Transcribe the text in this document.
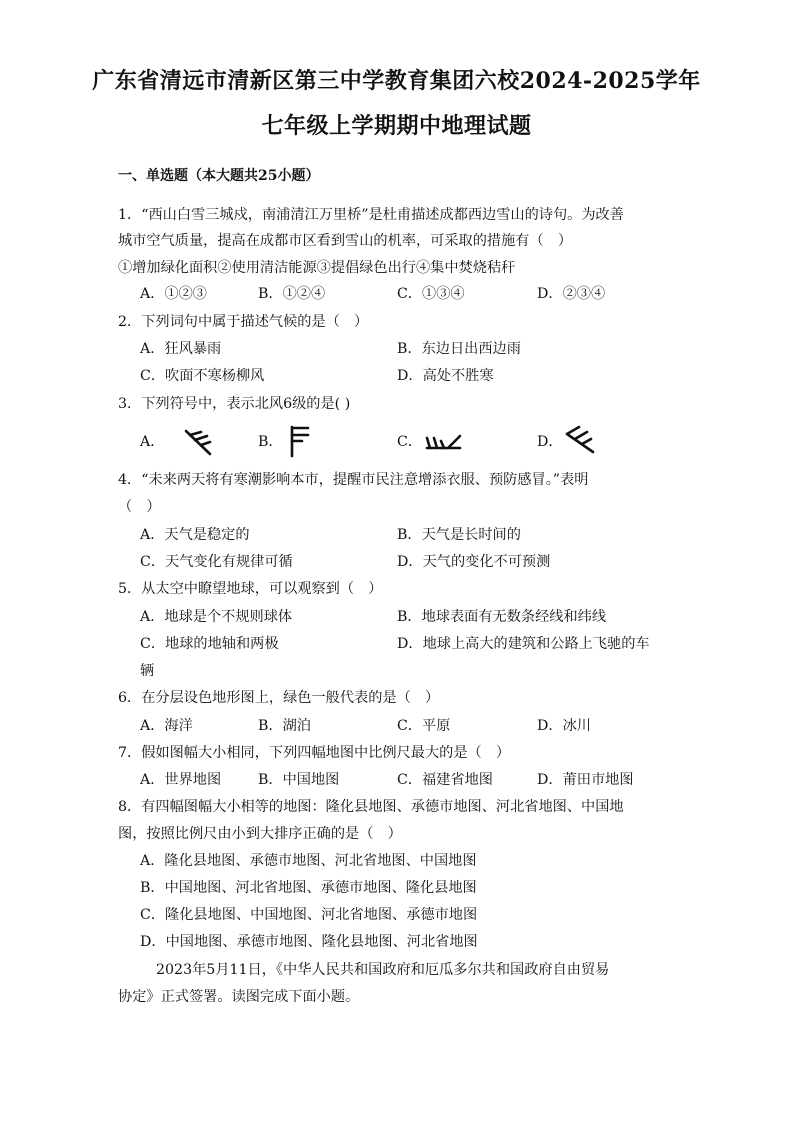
广东省清远市清新区第三中学教育集团六校2024-2025学年
七年级上学期期中地理试题
一、单选题（本大题共25小题）
1．“西山白雪三城戍，南浦清江万里桥”是杜甫描述成都西边雪山的诗句。为改善
城市空气质量，提高在成都市区看到雪山的机率，可采取的措施有（　）
①增加绿化面积②使用清洁能源③提倡绿色出行④集中焚烧秸秆
A．①②③	B．①②④	C．①③④	D．②③④
2．下列词句中属于描述气候的是（　）
A．狂风暴雨	B．东边日出西边雨
C．吹面不寒杨柳风	D．高处不胜寒
3．下列符号中，表示北风6级的是( )
A．	B．	C．	D．
4．“未来两天将有寒潮影响本市，提醒市民注意增添衣服、预防感冒。”表明
（　）
A．天气是稳定的	B．天气是长时间的
C．天气变化有规律可循	D．天气的变化不可预测
5．从太空中瞭望地球，可以观察到（　）
A．地球是个不规则球体	B．地球表面有无数条经线和纬线
C．地球的地轴和两极	D．地球上高大的建筑和公路上飞驰的车
辆
6．在分层设色地形图上，绿色一般代表的是（　）
A．海洋	B．湖泊	C．平原	D．冰川
7．假如图幅大小相同，下列四幅地图中比例尺最大的是（　）
A．世界地图	B．中国地图	C．福建省地图	D．莆田市地图
8．有四幅图幅大小相等的地图：隆化县地图、承德市地图、河北省地图、中国地
图，按照比例尺由小到大排序正确的是（　）
A．隆化县地图、承德市地图、河北省地图、中国地图
B．中国地图、河北省地图、承德市地图、隆化县地图
C．隆化县地图、中国地图、河北省地图、承德市地图
D．中国地图、承德市地图、隆化县地图、河北省地图
2023年5月11日，《中华人民共和国政府和厄瓜多尔共和国政府自由贸易
协定》正式签署。读图完成下面小题。
